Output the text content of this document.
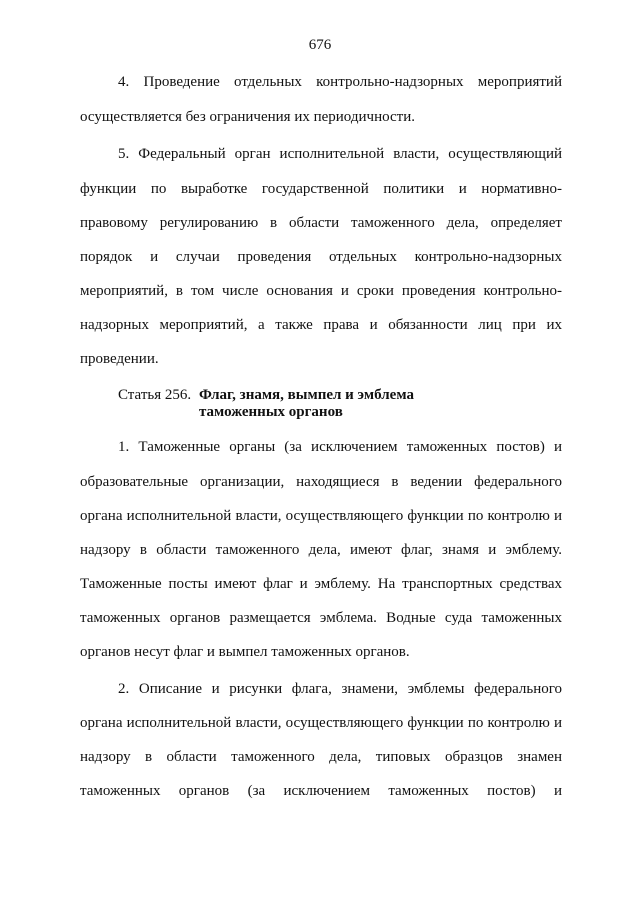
676
4. Проведение отдельных контрольно-надзорных мероприятий
осуществляется без ограничения их периодичности.
5. Федеральный орган исполнительной власти, осуществляющий
функции по выработке государственной политики и нормативно-
правовому регулированию в области таможенного дела, определяет
порядок и случаи проведения отдельных контрольно-надзорных
мероприятий, в том числе основания и сроки проведения контрольно-
надзорных мероприятий, а также права и обязанности лиц при их
проведении.
Статья 256. Флаг, знамя, вымпел и эмблема
таможенных органов
1. Таможенные органы (за исключением таможенных постов) и
образовательные организации, находящиеся в ведении федерального
органа исполнительной власти, осуществляющего функции по контролю и
надзору в области таможенного дела, имеют флаг, знамя и эмблему.
Таможенные посты имеют флаг и эмблему. На транспортных средствах
таможенных органов размещается эмблема. Водные суда таможенных
органов несут флаг и вымпел таможенных органов.
2. Описание и рисунки флага, знамени, эмблемы федерального
органа исполнительной власти, осуществляющего функции по контролю и
надзору в области таможенного дела, типовых образцов знамен
таможенных органов (за исключением таможенных постов) и
